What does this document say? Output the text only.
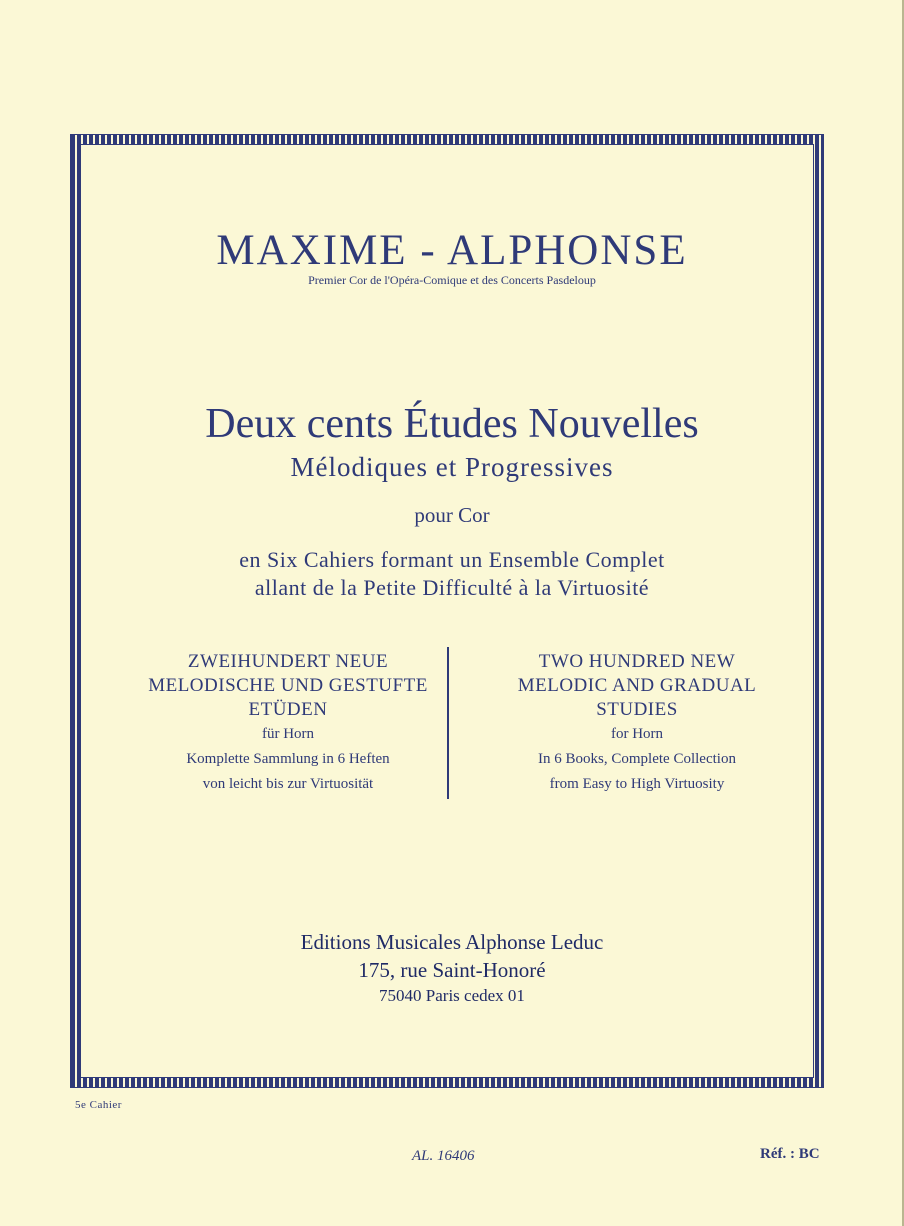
MAXIME - ALPHONSE
Premier Cor de l'Opéra-Comique et des Concerts Pasdeloup
Deux cents Études Nouvelles
Mélodiques et Progressives
pour Cor
en Six Cahiers formant un Ensemble Complet
allant de la Petite Difficulté à la Virtuosité
ZWEIHUNDERT NEUE
MELODISCHE UND GESTUFTE
ETÜDEN
für Horn
Komplette Sammlung in 6 Heften
von leicht bis zur Virtuosität
TWO HUNDRED NEW
MELODIC AND GRADUAL
STUDIES
for Horn
In 6 Books, Complete Collection
from Easy to High Virtuosity
Editions Musicales Alphonse Leduc
175, rue Saint-Honoré
75040 Paris cedex 01
5e Cahier
AL. 16406	Réf. : BC
